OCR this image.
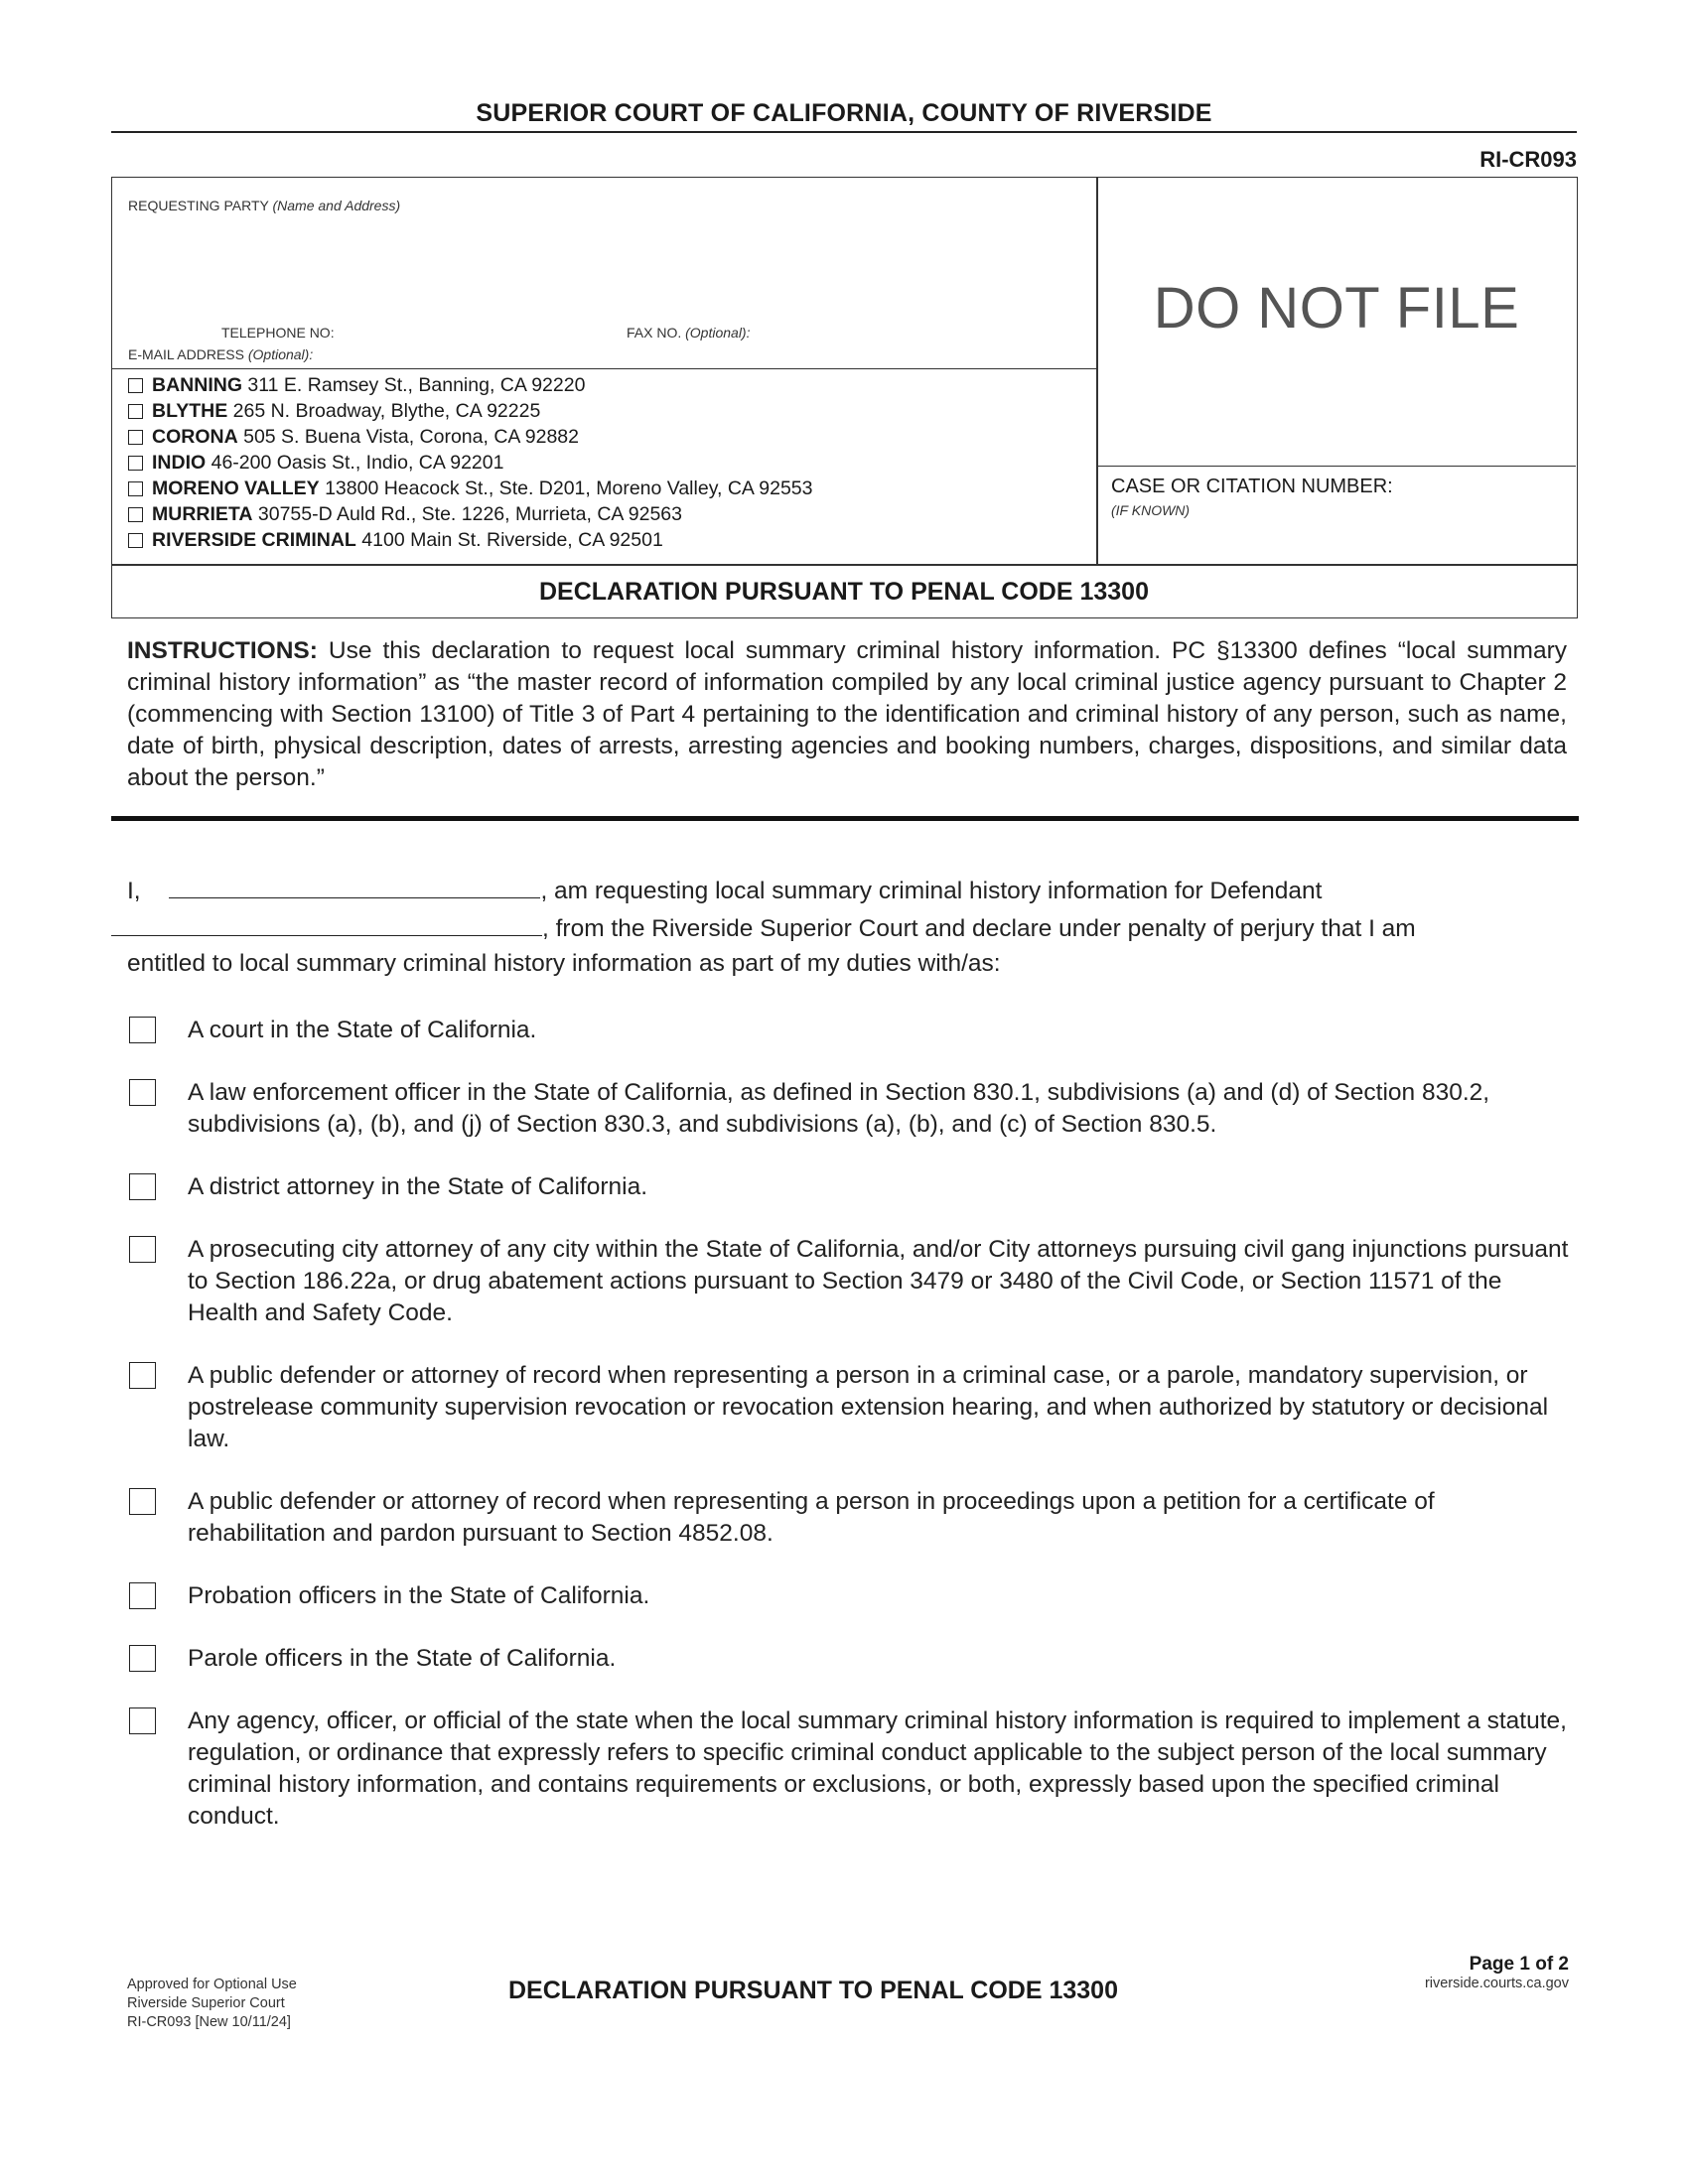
SUPERIOR COURT OF CALIFORNIA, COUNTY OF RIVERSIDE
RI-CR093
REQUESTING PARTY (Name and Address)
TELEPHONE NO:	FAX NO. (Optional):
E-MAIL ADDRESS (Optional):
BANNING
311 E. Ramsey St., Banning, CA 92220
BLYTHE
265 N. Broadway, Blythe, CA 92225
CORONA
505 S. Buena Vista, Corona, CA 92882
INDIO
46-200 Oasis St., Indio, CA 92201
MORENO VALLEY
13800 Heacock St., Ste. D201, Moreno Valley, CA 92553
MURRIETA
30755-D Auld Rd., Ste. 1226, Murrieta, CA 92563
RIVERSIDE CRIMINAL
4100 Main St. Riverside, CA 92501
DO NOT FILE
CASE OR CITATION NUMBER:
(IF KNOWN)
DECLARATION PURSUANT TO PENAL CODE 13300

INSTRUCTIONS: Use this declaration to request local summary criminal history information. PC §13300 defines “local summary criminal history information” as “the master record of information compiled by any local criminal justice agency pursuant to Chapter 2 (commencing with Section 13100) of Title 3 of Part 4 pertaining to the identification and criminal history of any person, such as name, date of birth, physical description, dates of arrests, arresting agencies and booking numbers, charges, dispositions, and similar data about the person.”

I,	, am requesting local summary criminal history information for Defendant
, from the Riverside Superior Court and declare under penalty of perjury that I am
entitled to local summary criminal history information as part of my duties with/as:
A court in the State of California.
A law enforcement officer in the State of California, as defined in Section 830.1, subdivisions (a) and (d) of Section 830.2, subdivisions (a), (b), and (j) of Section 830.3, and subdivisions (a), (b), and (c) of Section 830.5.
A district attorney in the State of California.
A prosecuting city attorney of any city within the State of California, and/or City attorneys pursuing civil gang injunctions pursuant to Section 186.22a, or drug abatement actions pursuant to Section 3479 or 3480 of the Civil Code, or Section 11571 of the Health and Safety Code.
A public defender or attorney of record when representing a person in a criminal case, or a parole, mandatory supervision, or postrelease community supervision revocation or revocation extension hearing, and when authorized by statutory or decisional law.
A public defender or attorney of record when representing a person in proceedings upon a petition for a certificate of rehabilitation and pardon pursuant to Section 4852.08.
Probation officers in the State of California.
Parole officers in the State of California.
Any agency, officer, or official of the state when the local summary criminal history information is required to implement a statute, regulation, or ordinance that expressly refers to specific criminal conduct applicable to the subject person of the local summary criminal history information, and contains requirements or exclusions, or both, expressly based upon the specified criminal conduct.
Approved for Optional Use
Riverside Superior Court
RI-CR093 [New 10/11/24]
DECLARATION PURSUANT TO PENAL CODE 13300
Page 1 of 2
riverside.courts.ca.gov
